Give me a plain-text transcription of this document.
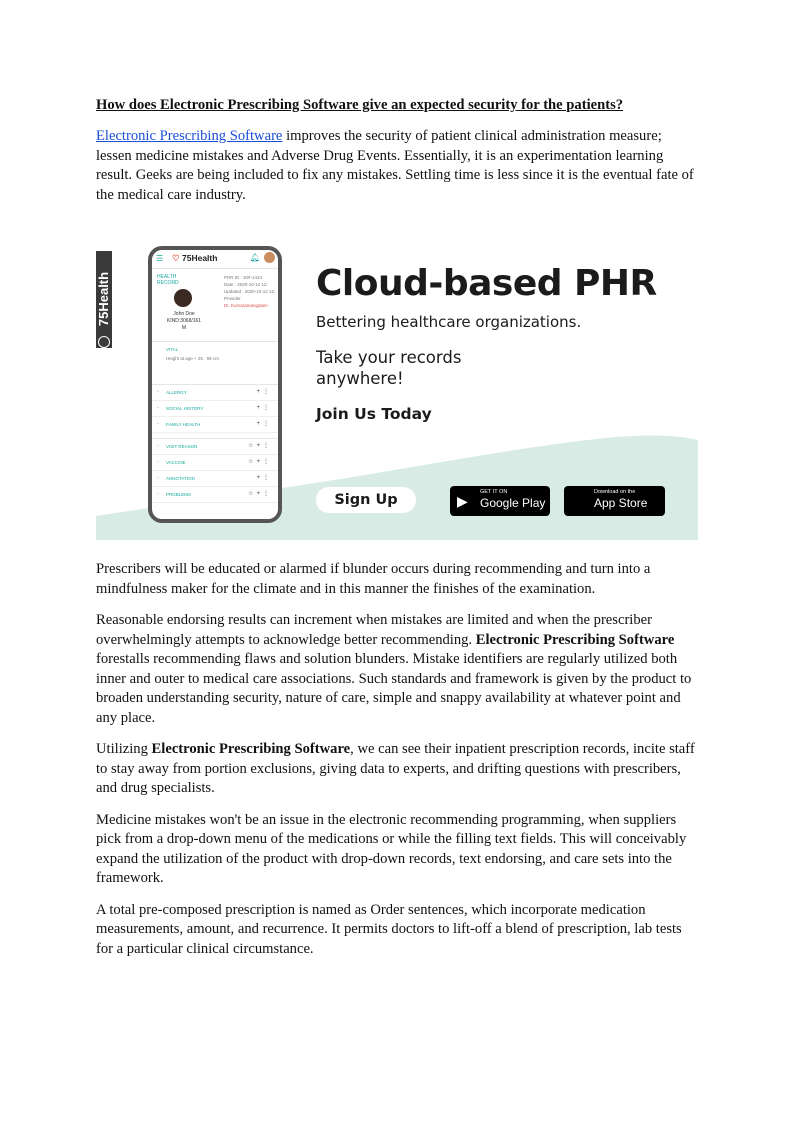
How does Electronic Prescribing Software give an expected security for the patients?

Electronic Prescribing Software improves the security of patient clinical administration measure; lessen medicine mistakes and Adverse Drug Events. Essentially, it is an experimentation learning result. Geeks are being included to fix any mistakes. Settling time is less since it is the eventual fate of the medical care industry.

75Health
☰ ♡ 75Health	🔔︎
HEALTH RECORD
John Doe
KIND:3068/161
M
PHR ID : 30#-1424
Date : 2020-10-12 12:
Updated : 2020-10-12 12:
Provider
Dr. Kumaramangalam
VITAL
Height at age + 25 : 99 cm
◦ ALLERGY	+⋮
◦ SOCIAL HISTORY	+⋮
◦ FAMILY HEALTH	+⋮
◦ VISIT REASON	☆+⋮
◦ VACCINE	☆+⋮
◦ ANNOTATION	+⋮
◦ PROBLEMS	☆+⋮
Cloud-based PHR
Bettering healthcare organizations.
Take your records anywhere!
Join Us Today
Sign Up	▶
GET IT ON
Google Play
Download on the
App Store

Prescribers will be educated or alarmed if blunder occurs during recommending and turn into a mindfulness maker for the climate and in this manner the finishes of the examination.

Reasonable endorsing results can increment when mistakes are limited and when the prescriber overwhelmingly attempts to acknowledge better recommending. Electronic Prescribing Software forestalls recommending flaws and solution blunders. Mistake identifiers are regularly utilized both inner and outer to medical care associations. Such standards and framework is given by the product to broaden understanding security, nature of care, simple and snappy availability at whatever point and any place.

Utilizing Electronic Prescribing Software, we can see their inpatient prescription records, incite staff to stay away from portion exclusions, giving data to experts, and drifting questions with prescribers, and drug specialists.

Medicine mistakes won't be an issue in the electronic recommending programming, when suppliers pick from a drop-down menu of the medications or while the filling text fields. This will conceivably expand the utilization of the product with drop-down records, text endorsing, and care sets into the framework.

A total pre-composed prescription is named as Order sentences, which incorporate medication measurements, amount, and recurrence. It permits doctors to lift-off a blend of prescription, lab tests for a particular clinical circumstance.
